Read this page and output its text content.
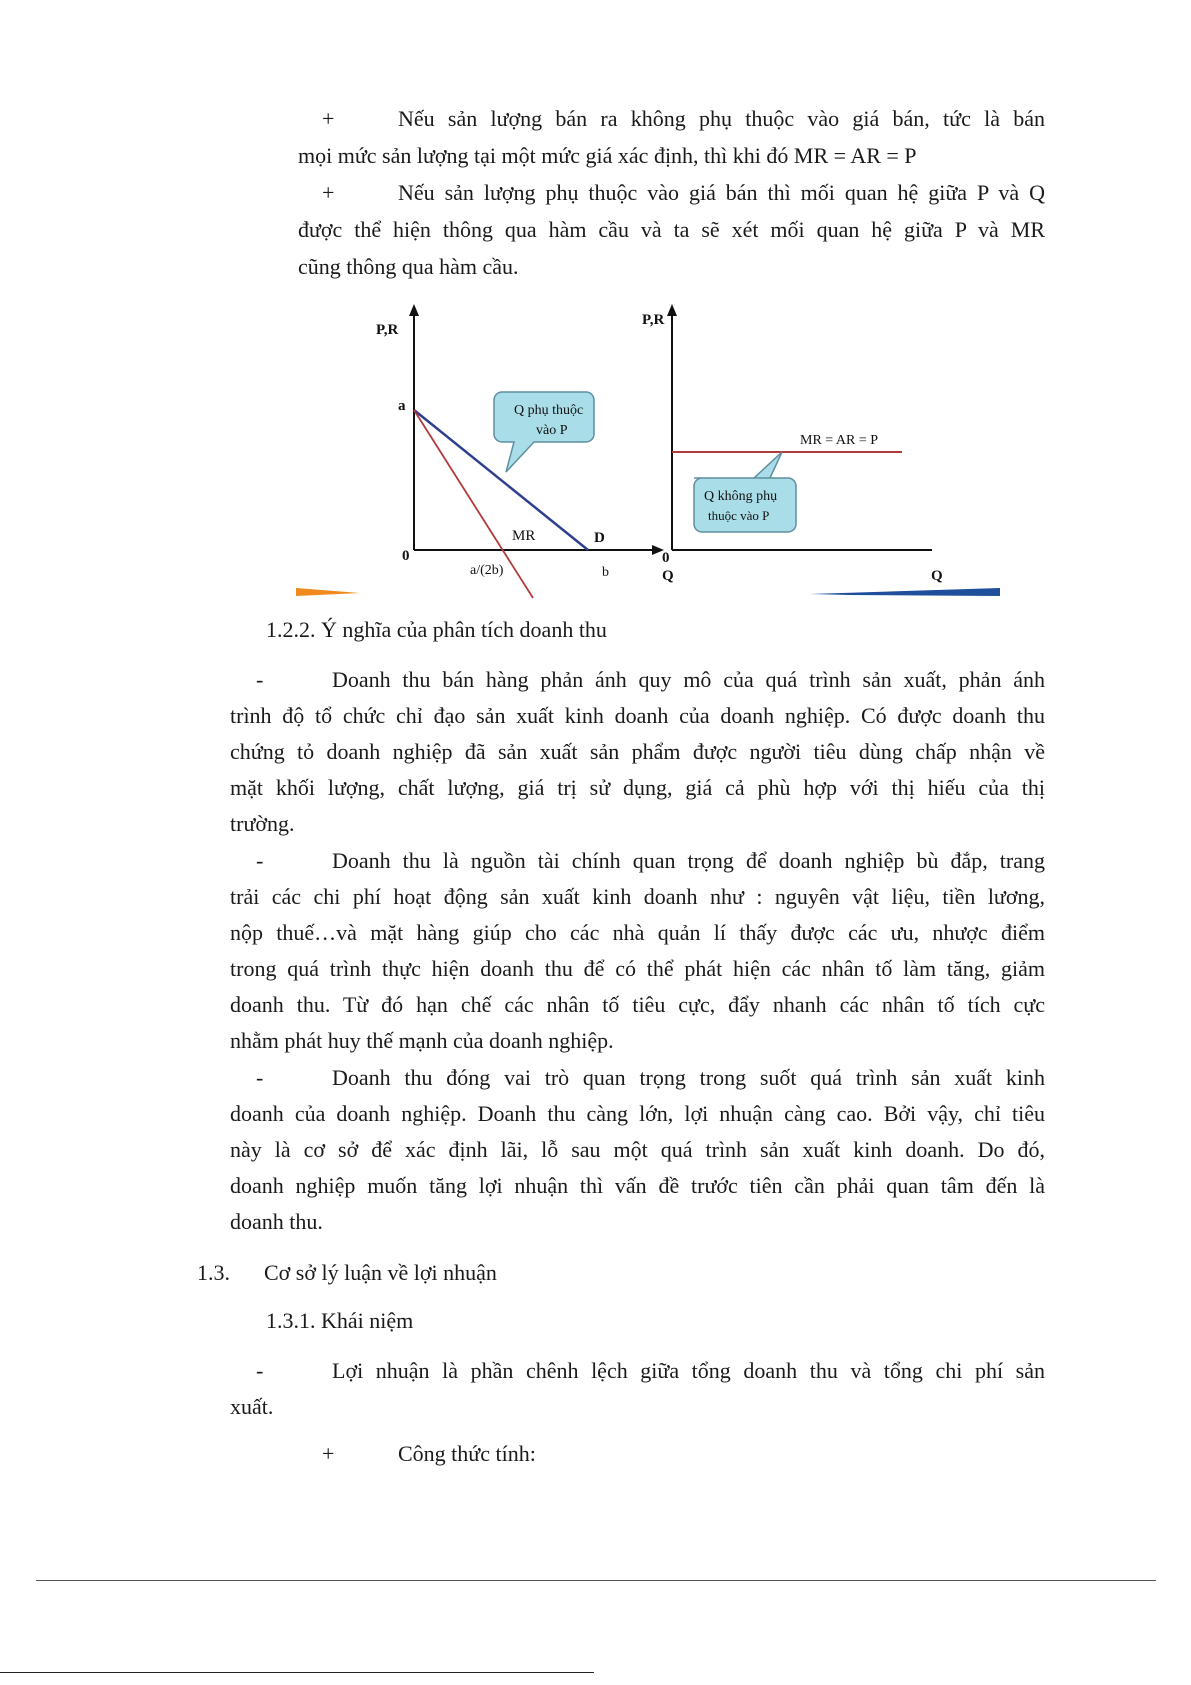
+	Nếu sản lượng bán ra không phụ thuộc vào giá bán, tức là bán
mọi mức sản lượng tại một mức giá xác định, thì khi đó MR = AR = P
+	Nếu sản lượng phụ thuộc vào giá bán thì mối quan hệ giữa P và Q
được thể hiện thông qua hàm cầu và ta sẽ xét mối quan hệ giữa P và MR
cũng thông qua hàm cầu.
P,R
a
0
MR	D
a/(2b)	b
Q phụ thuộc
vào P
P,R
MR = AR = P
Q không phụ
thuộc vào P
0
Q	Q
1.2.2. Ý nghĩa của phân tích doanh thu
-	Doanh thu bán hàng phản ánh quy mô của quá trình sản xuất, phản ánh
trình độ tổ chức chỉ đạo sản xuất kinh doanh của doanh nghiệp. Có được doanh thu
chứng tỏ doanh nghiệp đã sản xuất sản phẩm được người tiêu dùng chấp nhận về
mặt khối lượng, chất lượng, giá trị sử dụng, giá cả phù hợp với thị hiếu của thị
trường.
-	Doanh thu là nguồn tài chính quan trọng để doanh nghiệp bù đắp, trang
trải các chi phí hoạt động sản xuất kinh doanh như : nguyên vật liệu, tiền lương,
nộp thuế…và mặt hàng giúp cho các nhà quản lí thấy được các ưu, nhược điểm
trong quá trình thực hiện doanh thu để có thể phát hiện các nhân tố làm tăng, giảm
doanh thu. Từ đó hạn chế các nhân tố tiêu cực, đẩy nhanh các nhân tố tích cực
nhằm phát huy thế mạnh của doanh nghiệp.
-	Doanh thu đóng vai trò quan trọng trong suốt quá trình sản xuất kinh
doanh của doanh nghiệp. Doanh thu càng lớn, lợi nhuận càng cao. Bởi vậy, chỉ tiêu
này là cơ sở để xác định lãi, lỗ sau một quá trình sản xuất kinh doanh. Do đó,
doanh nghiệp muốn tăng lợi nhuận thì vấn đề trước tiên cần phải quan tâm đến là
doanh thu.
1.3. Cơ sở lý luận về lợi nhuận
1.3.1. Khái niệm
-	Lợi nhuận là phần chênh lệch giữa tổng doanh thu và tổng chi phí sản
xuất.
+	Công thức tính:
